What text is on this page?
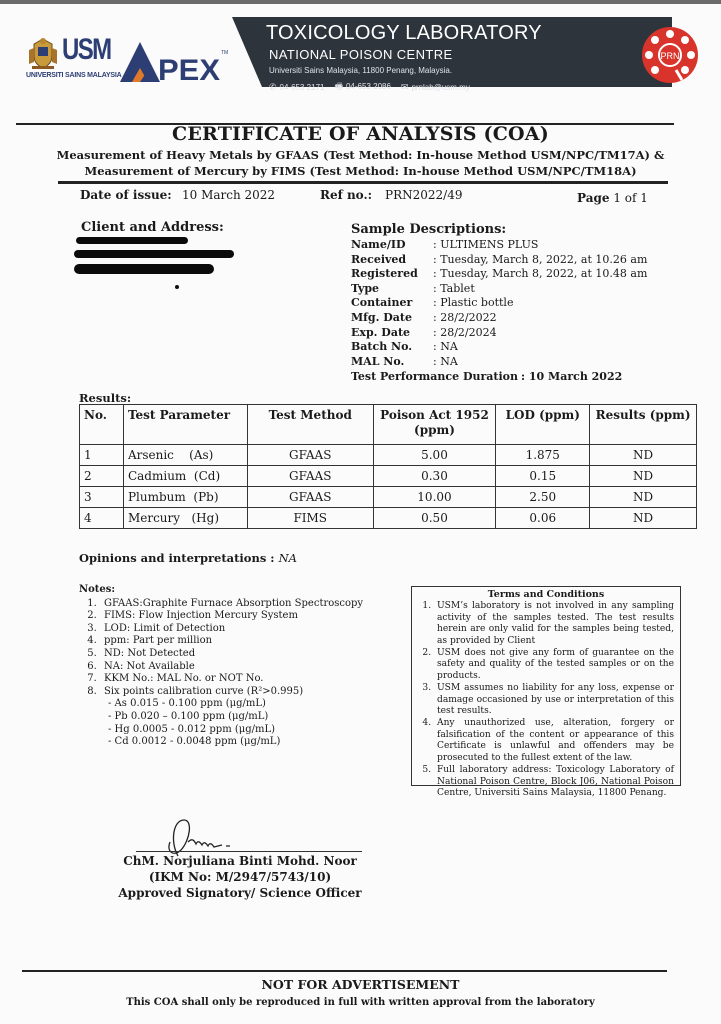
USM
UNIVERSITI SAINS MALAYSIA PEX
TM
TOXICOLOGY LABORATORY
NATIONAL POISON CENTRE
Universiti Sains Malaysia, 11800 Penang, Malaysia.
✆ 04-653 2171 🖷 04-653 2086 ✉ prnlab@usm.my
PRN
CERTIFICATE OF ANALYSIS (COA)
Measurement of Heavy Metals by GFAAS (Test Method: In-house Method USM/NPC/TM17A) &
Measurement of Mercury by FIMS (Test Method: In-house Method USM/NPC/TM18A)
Date of issue: 10 March 2022	Ref no.: PRN2022/49	Page 1 of 1
Client and Address:	Sample Descriptions:
Name/ID	: ULTIMENS PLUS
Received	: Tuesday, March 8, 2022, at 10.26 am
Registered	: Tuesday, March 8, 2022, at 10.48 am
Type	: Tablet
Container	: Plastic bottle
Mfg. Date	: 28/2/2022
Exp. Date	: 28/2/2024
Batch No.	: NA
MAL No.	: NA
Test Performance Duration : 10 March 2022
Results:
No.	Test Parameter	Test Method	Poison Act 1952 (ppm)	LOD (ppm)	Results (ppm)
1	Arsenic    (As)	GFAAS	5.00	1.875	ND
2	Cadmium  (Cd)	GFAAS	0.30	0.15	ND
3	Plumbum  (Pb)	GFAAS	10.00	2.50	ND
4	Mercury   (Hg)	FIMS	0.50	0.06	ND
Opinions and interpretations : NA
Notes:
1. GFAAS:Graphite Furnace Absorption Spectroscopy
2. FIMS: Flow Injection Mercury System
3. LOD: Limit of Detection
4. ppm: Part per million
5. ND: Not Detected
6. NA: Not Available
7. KKM No.: MAL No. or NOT No.
8. Six points calibration curve (R²>0.995)
- As 0.015 - 0.100 ppm (μg/mL)
- Pb 0.020 – 0.100 ppm (μg/mL)
- Hg 0.0005 - 0.012 ppm (μg/mL)
- Cd 0.0012 - 0.0048 ppm (μg/mL)
Terms and Conditions
1. USM’s laboratory is not involved in any sampling activity of the samples tested. The test results herein are only valid for the samples being tested, as provided by Client
2. USM does not give any form of guarantee on the safety and quality of the tested samples or on the products.
3. USM assumes no liability for any loss, expense or damage occasioned by use or interpretation of this test results.
4. Any unauthorized use, alteration, forgery or falsification of the content or appearance of this Certificate is unlawful and offenders may be prosecuted to the fullest extent of the law.
5. Full laboratory address: Toxicology Laboratory of National Poison Centre, Block J06, National Poison Centre, Universiti Sains Malaysia, 11800 Penang.
ChM. Norjuliana Binti Mohd. Noor
(IKM No: M/2947/5743/10)
Approved Signatory/ Science Officer
NOT FOR ADVERTISEMENT
This COA shall only be reproduced in full with written approval from the laboratory
